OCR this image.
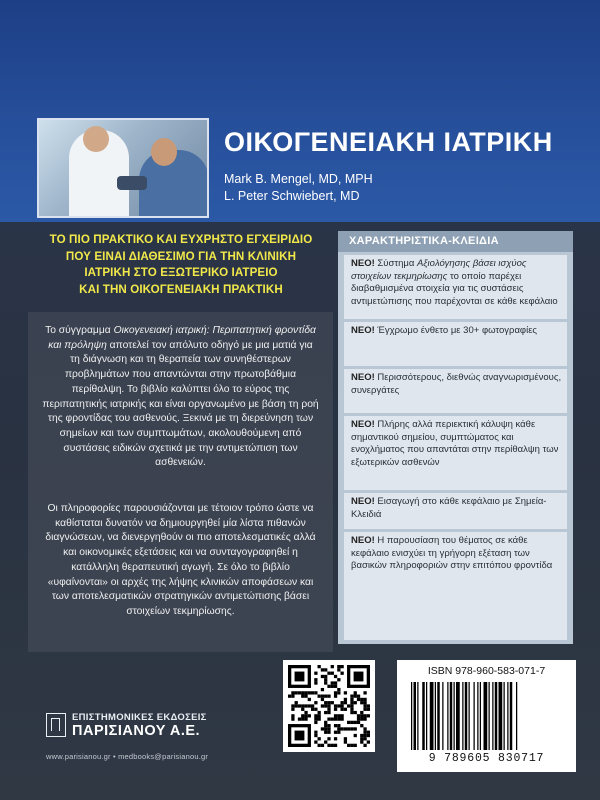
ΟΙΚΟΓΕΝΕΙΑΚΗ ΙΑΤΡΙΚΗ
Mark B. Mengel, MD, MPH
L. Peter Schwiebert, MD
ΤΟ ΠΙΟ ΠΡΑΚΤΙΚΟ ΚΑΙ ΕΥΧΡΗΣΤΟ ΕΓΧΕΙΡΙΔΙΟ
ΠΟΥ ΕΙΝΑΙ ΔΙΑΘΕΣΙΜΟ ΓΙΑ ΤΗΝ ΚΛΙΝΙΚΗ
ΙΑΤΡΙΚΗ ΣΤΟ ΕΞΩΤΕΡΙΚΟ ΙΑΤΡΕΙΟ
ΚΑΙ ΤΗΝ ΟΙΚΟΓΕΝΕΙΑΚΗ ΠΡΑΚΤΙΚΗ

Το σύγγραμμα Οικογενειακή ιατρική: Περιπατητική φροντίδα και πρόληψη αποτελεί τον απόλυτο οδηγό με μια ματιά για τη διάγνωση και τη θεραπεία των συνηθέστερων προβλημάτων που απαντώνται στην πρωτοβάθμια περίθαλψη. Το βιβλίο καλύπτει όλο το εύρος της περιπατητικής ιατρικής και είναι οργανωμένο με βάση τη ροή της φροντίδας του ασθενούς. Ξεκινά με τη διερεύνηση των σημείων και των συμπτωμάτων, ακολουθούμενη από συστάσεις ειδικών σχετικά με την αντιμετώπιση των ασθενειών.

Οι πληροφορίες παρουσιάζονται με τέτοιον τρόπο ώστε να καθίσταται δυνατόν να δημιουργηθεί μία λίστα πιθανών διαγνώσεων, να διενεργηθούν οι πιο αποτελεσματικές αλλά και οικονομικές εξετάσεις και να συνταγογραφηθεί η κατάλληλη θεραπευτική αγωγή. Σε όλο το βιβλίο «υφαίνονται» οι αρχές της λήψης κλινικών αποφάσεων και των αποτελεσματικών στρατηγικών αντιμετώπισης βάσει στοιχείων τεκμηρίωσης.

ΧΑΡΑΚΤΗΡΙΣΤΙΚΑ-ΚΛΕΙΔΙΑ
ΝΕΟ! Σύστημα Αξιολόγησης βάσει ισχύος στοιχείων τεκμηρίωσης το οποίο παρέχει διαβαθμισμένα στοιχεία για τις συστάσεις αντιμετώπισης που παρέχονται σε κάθε κεφάλαιο
ΝΕΟ! Έγχρωμο ένθετο με 30+ φωτογραφίες
ΝΕΟ! Περισσότερους, διεθνώς αναγνωρισμένους, συνεργάτες
ΝΕΟ! Πλήρης αλλά περιεκτική κάλυψη κάθε σημαντικού σημείου, συμπτώματος και ενοχλήματος που απαντάται στην περίθαλψη των εξωτερικών ασθενών
ΝΕΟ! Εισαγωγή στο κάθε κεφάλαιο με Σημεία-Κλειδιά
ΝΕΟ! Η παρουσίαση του θέματος σε κάθε κεφάλαιο ενισχύει τη γρήγορη εξέταση των βασικών πληροφοριών στην επιτόπου φροντίδα
ΕΠΙΣΤΗΜΟΝΙΚΕΣ ΕΚΔΟΣΕΙΣ
ΠΑΡΙΣΙΑΝΟΥ Α.Ε.
www.parisianou.gr • medbooks@parisianou.gr
ISBN 978-960-583-071-7
9 789605 830717
